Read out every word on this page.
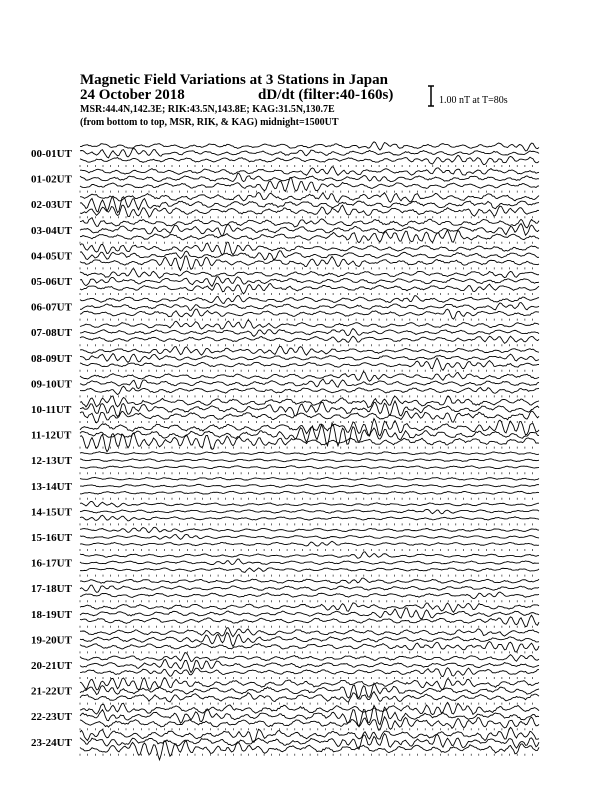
Magnetic Field Variations at 3 Stations in Japan
24 October 2018	dD/dt (filter:40-160s)
MSR:44.4N,142.3E; RIK:43.5N,143.8E; KAG:31.5N,130.7E
(from bottom to top, MSR, RIK, & KAG) midnight=1500UT
1.00 nT at T=80s
00-01UT
01-02UT
02-03UT
03-04UT
04-05UT
05-06UT
06-07UT
07-08UT
08-09UT
09-10UT
10-11UT
11-12UT
12-13UT
13-14UT
14-15UT
15-16UT
16-17UT
17-18UT
18-19UT
19-20UT
20-21UT
21-22UT
22-23UT
23-24UT
